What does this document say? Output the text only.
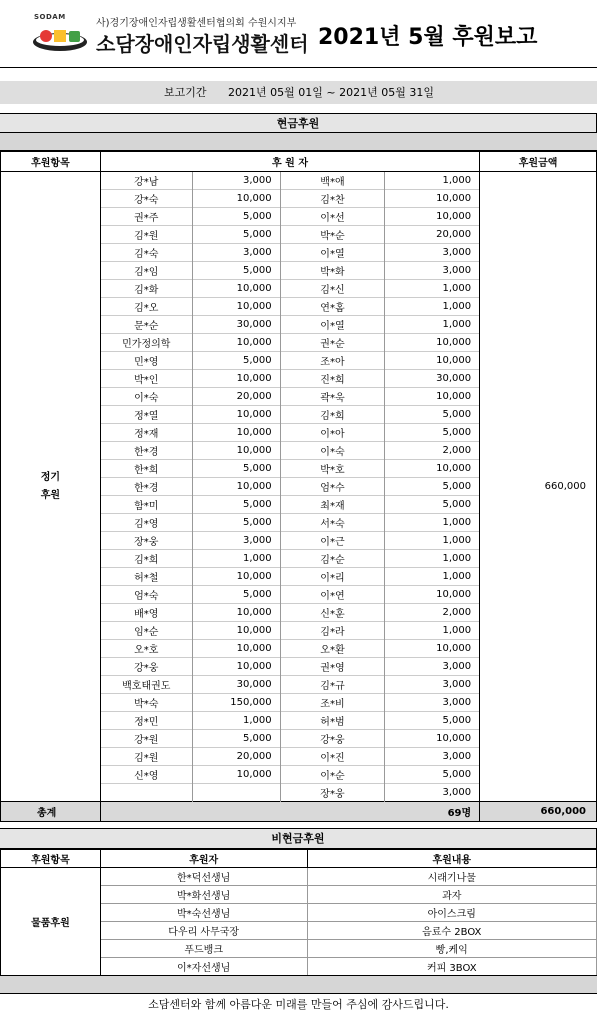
SODAM
사)경기장애인자립생활센터협의회 수원시지부
소담장애인자립생활센터 2021년 5월 후원보고
보고기간 2021년 05월 01일 ~ 2021년 05월 31일
현금후원
후원항목	후 원 자				후원금액
정기
후원	강*남	3,000	백*애	1,000	660,000
	강*숙	10,000	김*찬	10,000	
	권*주	5,000	이*선	10,000	
	김*원	5,000	박*순	20,000	
	김*숙	3,000	이*열	3,000	
	김*임	5,000	박*화	3,000	
	김*화	10,000	김*신	1,000	
	김*오	10,000	연*홈	1,000	
	문*순	30,000	이*열	1,000	
	민가정의학	10,000	권*순	10,000	
	민*영	5,000	조*아	10,000	
	박*인	10,000	진*희	30,000	
	이*숙	20,000	곽*욱	10,000	
	정*열	10,000	김*희	5,000	
	정*재	10,000	이*아	5,000	
	한*경	10,000	이*숙	2,000	
	한*희	5,000	박*호	10,000	
	한*경	10,000	엄*수	5,000	
	함*미	5,000	최*재	5,000	
	김*영	5,000	서*숙	1,000	
	장*웅	3,000	이*근	1,000	
	김*희	1,000	김*순	1,000	
	허*철	10,000	이*리	1,000	
	엄*숙	5,000	이*연	10,000	
	배*영	10,000	신*훈	2,000	
	임*순	10,000	김*라	1,000	
	오*호	10,000	오*환	10,000	
	강*웅	10,000	권*영	3,000	
	백호태권도	30,000	김*규	3,000	
	박*숙	150,000	조*비	3,000	
	정*민	1,000	허*범	5,000	
	강*원	5,000	강*웅	10,000	
	김*원	20,000	이*진	3,000	
	신*영	10,000	이*순	5,000	
			장*웅	3,000	
총계	69명				660,000
비현금후원
후원항목	후원자	후원내용
물품후원	한*덕선생님	시래기나물
	박*화선생님	과자
	박*숙선생님	아이스크림
	다우리 사무국장	음료수 2BOX
	푸드뱅크	빵,케익
	이*자선생님	커피 3BOX
소담센터와 함께 아름다운 미래를 만들어 주심에 감사드립니다.
